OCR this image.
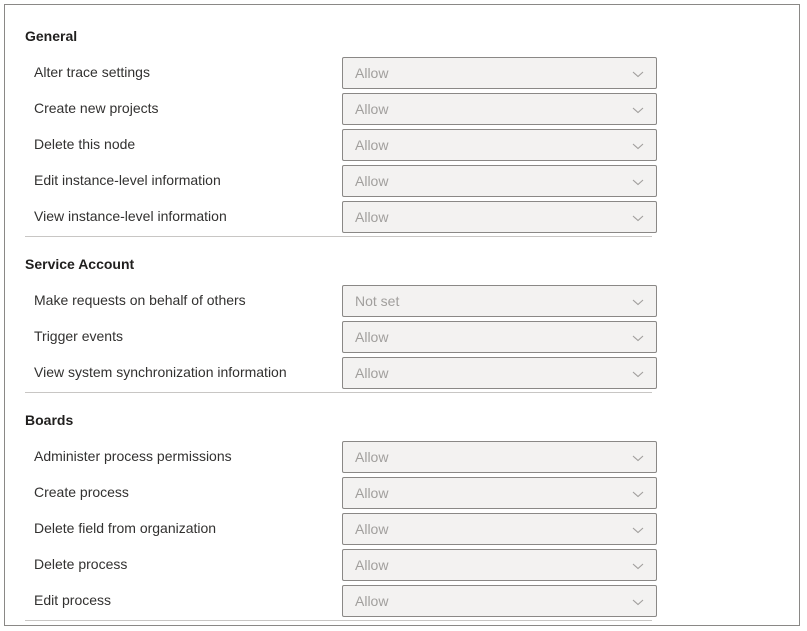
General
Alter trace settings	Allow
Create new projects	Allow
Delete this node	Allow
Edit instance-level information	Allow
View instance-level information	Allow
Service Account
Make requests on behalf of others	Not set
Trigger events	Allow
View system synchronization information	Allow
Boards
Administer process permissions	Allow
Create process	Allow
Delete field from organization	Allow
Delete process	Allow
Edit process	Allow
